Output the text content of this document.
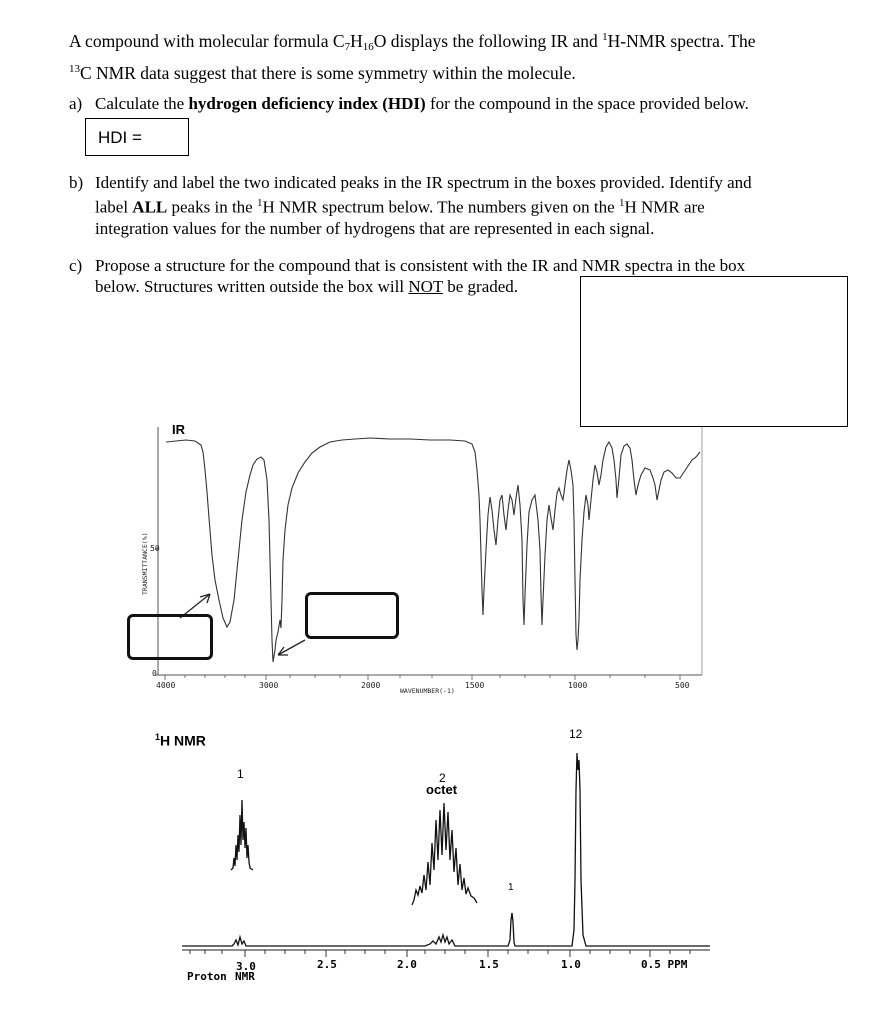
A compound with molecular formula $C_7H_{16}O$ displays the following IR and $^1$H-NMR spectra. The
$^{13}$C NMR data suggest that there is some symmetry within the molecule.
a) Calculate the hydrogen deficiency index (HDI) for the compound in the space provided below.
HDI =
b) Identify and label the two indicated peaks in the IR spectrum in the boxes provided. Identify and
label ALL peaks in the $^1$H NMR spectrum below. The numbers given on the $^1$H NMR are
integration values for the number of hydrogens that are represented in each signal.
c) Propose a structure for the compound that is consistent with the IR and NMR spectra in the box
below. Structures written outside the box will NOT be graded.
IR
TRANSMITTANCE(%) 50
0
4000	3000	2000
WAVENUMBER(-1)
1500	1000	500
$^1$H NMR
1	2
octet
1
12
3.0	2.5	2.0	1.5	1.0	0.5 PPM
Proton NMR
